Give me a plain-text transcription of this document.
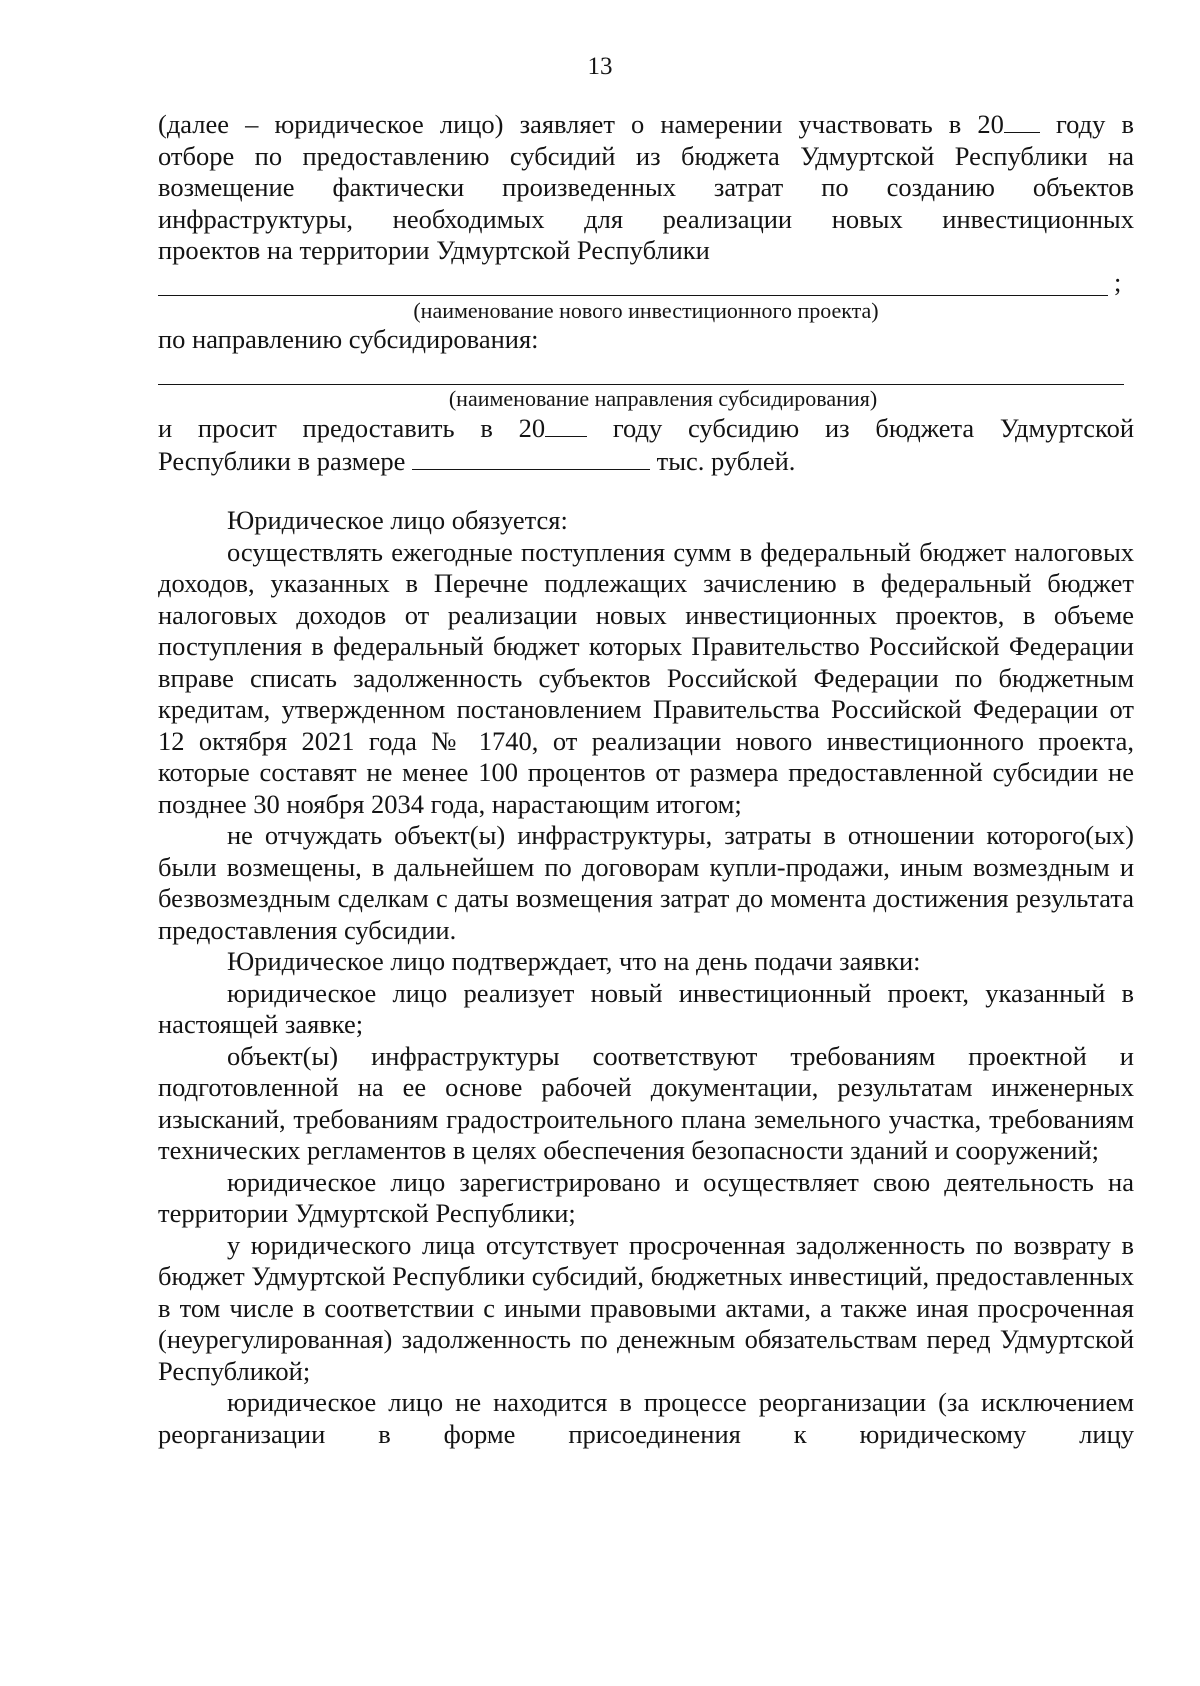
13

(далее – юридическое лицо) заявляет о намерении участвовать в 20 году в

отборе по предоставлению субсидий из бюджета Удмуртской Республики на

возмещение фактически произведенных затрат по созданию объектов

инфраструктуры, необходимых для реализации новых инвестиционных

проектов на территории Удмуртской Республики

;

(наименование нового инвестиционного проекта)

по направлению субсидирования:

(наименование направления субсидирования)

и просит предоставить в 20 году субсидию из бюджета Удмуртской

Республики в размере	тыс. рублей.

Юридическое лицо обязуется:

осуществлять ежегодные поступления сумм в федеральный бюджет налоговых доходов, указанных в Перечне подлежащих зачислению в федеральный бюджет налоговых доходов от реализации новых инвестиционных проектов, в объеме поступления в федеральный бюджет которых Правительство Российской Федерации вправе списать задолженность субъектов Российской Федерации по бюджетным кредитам, утвержденном постановлением Правительства Российской Федерации от 12 октября 2021 года № 1740, от реализации нового инвестиционного проекта, которые составят не менее 100 процентов от размера предоставленной субсидии не позднее 30 ноября 2034 года, нарастающим итогом;

не отчуждать объект(ы) инфраструктуры, затраты в отношении которого(ых) были возмещены, в дальнейшем по договорам купли-продажи, иным возмездным и безвозмездным сделкам с даты возмещения затрат до момента достижения результата предоставления субсидии.

Юридическое лицо подтверждает, что на день подачи заявки:

юридическое лицо реализует новый инвестиционный проект, указанный в настоящей заявке;

объект(ы) инфраструктуры соответствуют требованиям проектной и подготовленной на ее основе рабочей документации, результатам инженерных изысканий, требованиям градостроительного плана земельного участка, требованиям технических регламентов в целях обеспечения безопасности зданий и сооружений;

юридическое лицо зарегистрировано и осуществляет свою деятельность на территории Удмуртской Республики;

у юридического лица отсутствует просроченная задолженность по возврату в бюджет Удмуртской Республики субсидий, бюджетных инвестиций, предоставленных в том числе в соответствии с иными правовыми актами, а также иная просроченная (неурегулированная) задолженность по денежным обязательствам перед Удмуртской Республикой;

юридическое лицо не находится в процессе реорганизации (за исключением реорганизации в форме присоединения к юридическому лицу
